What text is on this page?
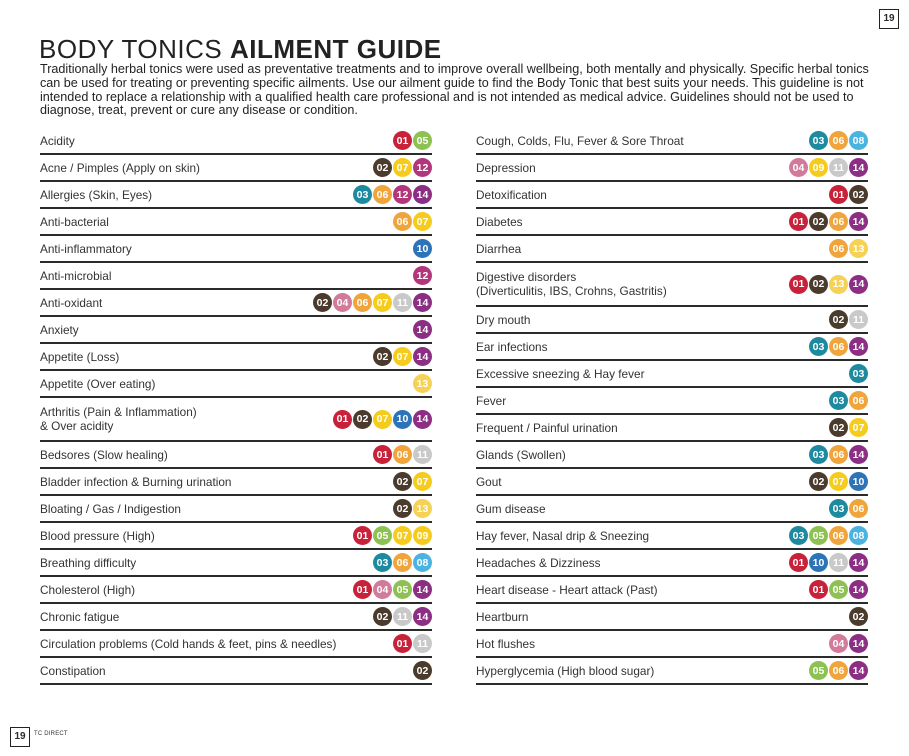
19
BODY TONICS AILMENT GUIDE
Traditionally herbal tonics were used as preventative treatments and to improve overall wellbeing, both mentally and physically. Specific herbal tonics can be used for treating or preventing specific ailments. Use our ailment guide to find the Body Tonic that best suits your needs. This guideline is not intended to replace a relationship with a qualified health care professional and is not intended as medical advice. Guidelines should not be used to diagnose, treat, prevent or cure any disease or condition.
Acidity	01 05
Acne / Pimples (Apply on skin)	02 07 12
Allergies (Skin, Eyes)	03 06 12 14
Anti-bacterial	06 07
Anti-inflammatory	10
Anti-microbial	12
Anti-oxidant	02 04 06 07 11 14
Anxiety	14
Appetite (Loss)	02 07 14
Appetite (Over eating)	13
Arthritis (Pain & Inflammation)
& Over acidity	01 02 07 10 14
Bedsores (Slow healing)	01 06 11
Bladder infection & Burning urination	02 07
Bloating / Gas / Indigestion	02 13
Blood pressure (High)	01 05 07 09
Breathing difficulty	03 06 08
Cholesterol (High)	01 04 05 14
Chronic fatigue	02 11 14
Circulation problems (Cold hands & feet, pins & needles)	01 11
Constipation	02
Cough, Colds, Flu, Fever & Sore Throat	03 06 08
Depression	04 09 11 14
Detoxification	01 02
Diabetes	01 02 06 14
Diarrhea	06 13
Digestive disorders
(Diverticulitis, IBS, Crohns, Gastritis)	01 02 13 14
Dry mouth	02 11
Ear infections	03 06 14
Excessive sneezing & Hay fever	03
Fever	03 06
Frequent / Painful urination	02 07
Glands (Swollen)	03 06 14
Gout	02 07 10
Gum disease	03 06
Hay fever, Nasal drip & Sneezing	03 05 06 08
Headaches & Dizziness	01 10 11 14
Heart disease - Heart attack (Past)	01 05 14
Heartburn	02
Hot flushes	04 14
Hyperglycemia (High blood sugar)	05 06 14
19	TC DIRECT
